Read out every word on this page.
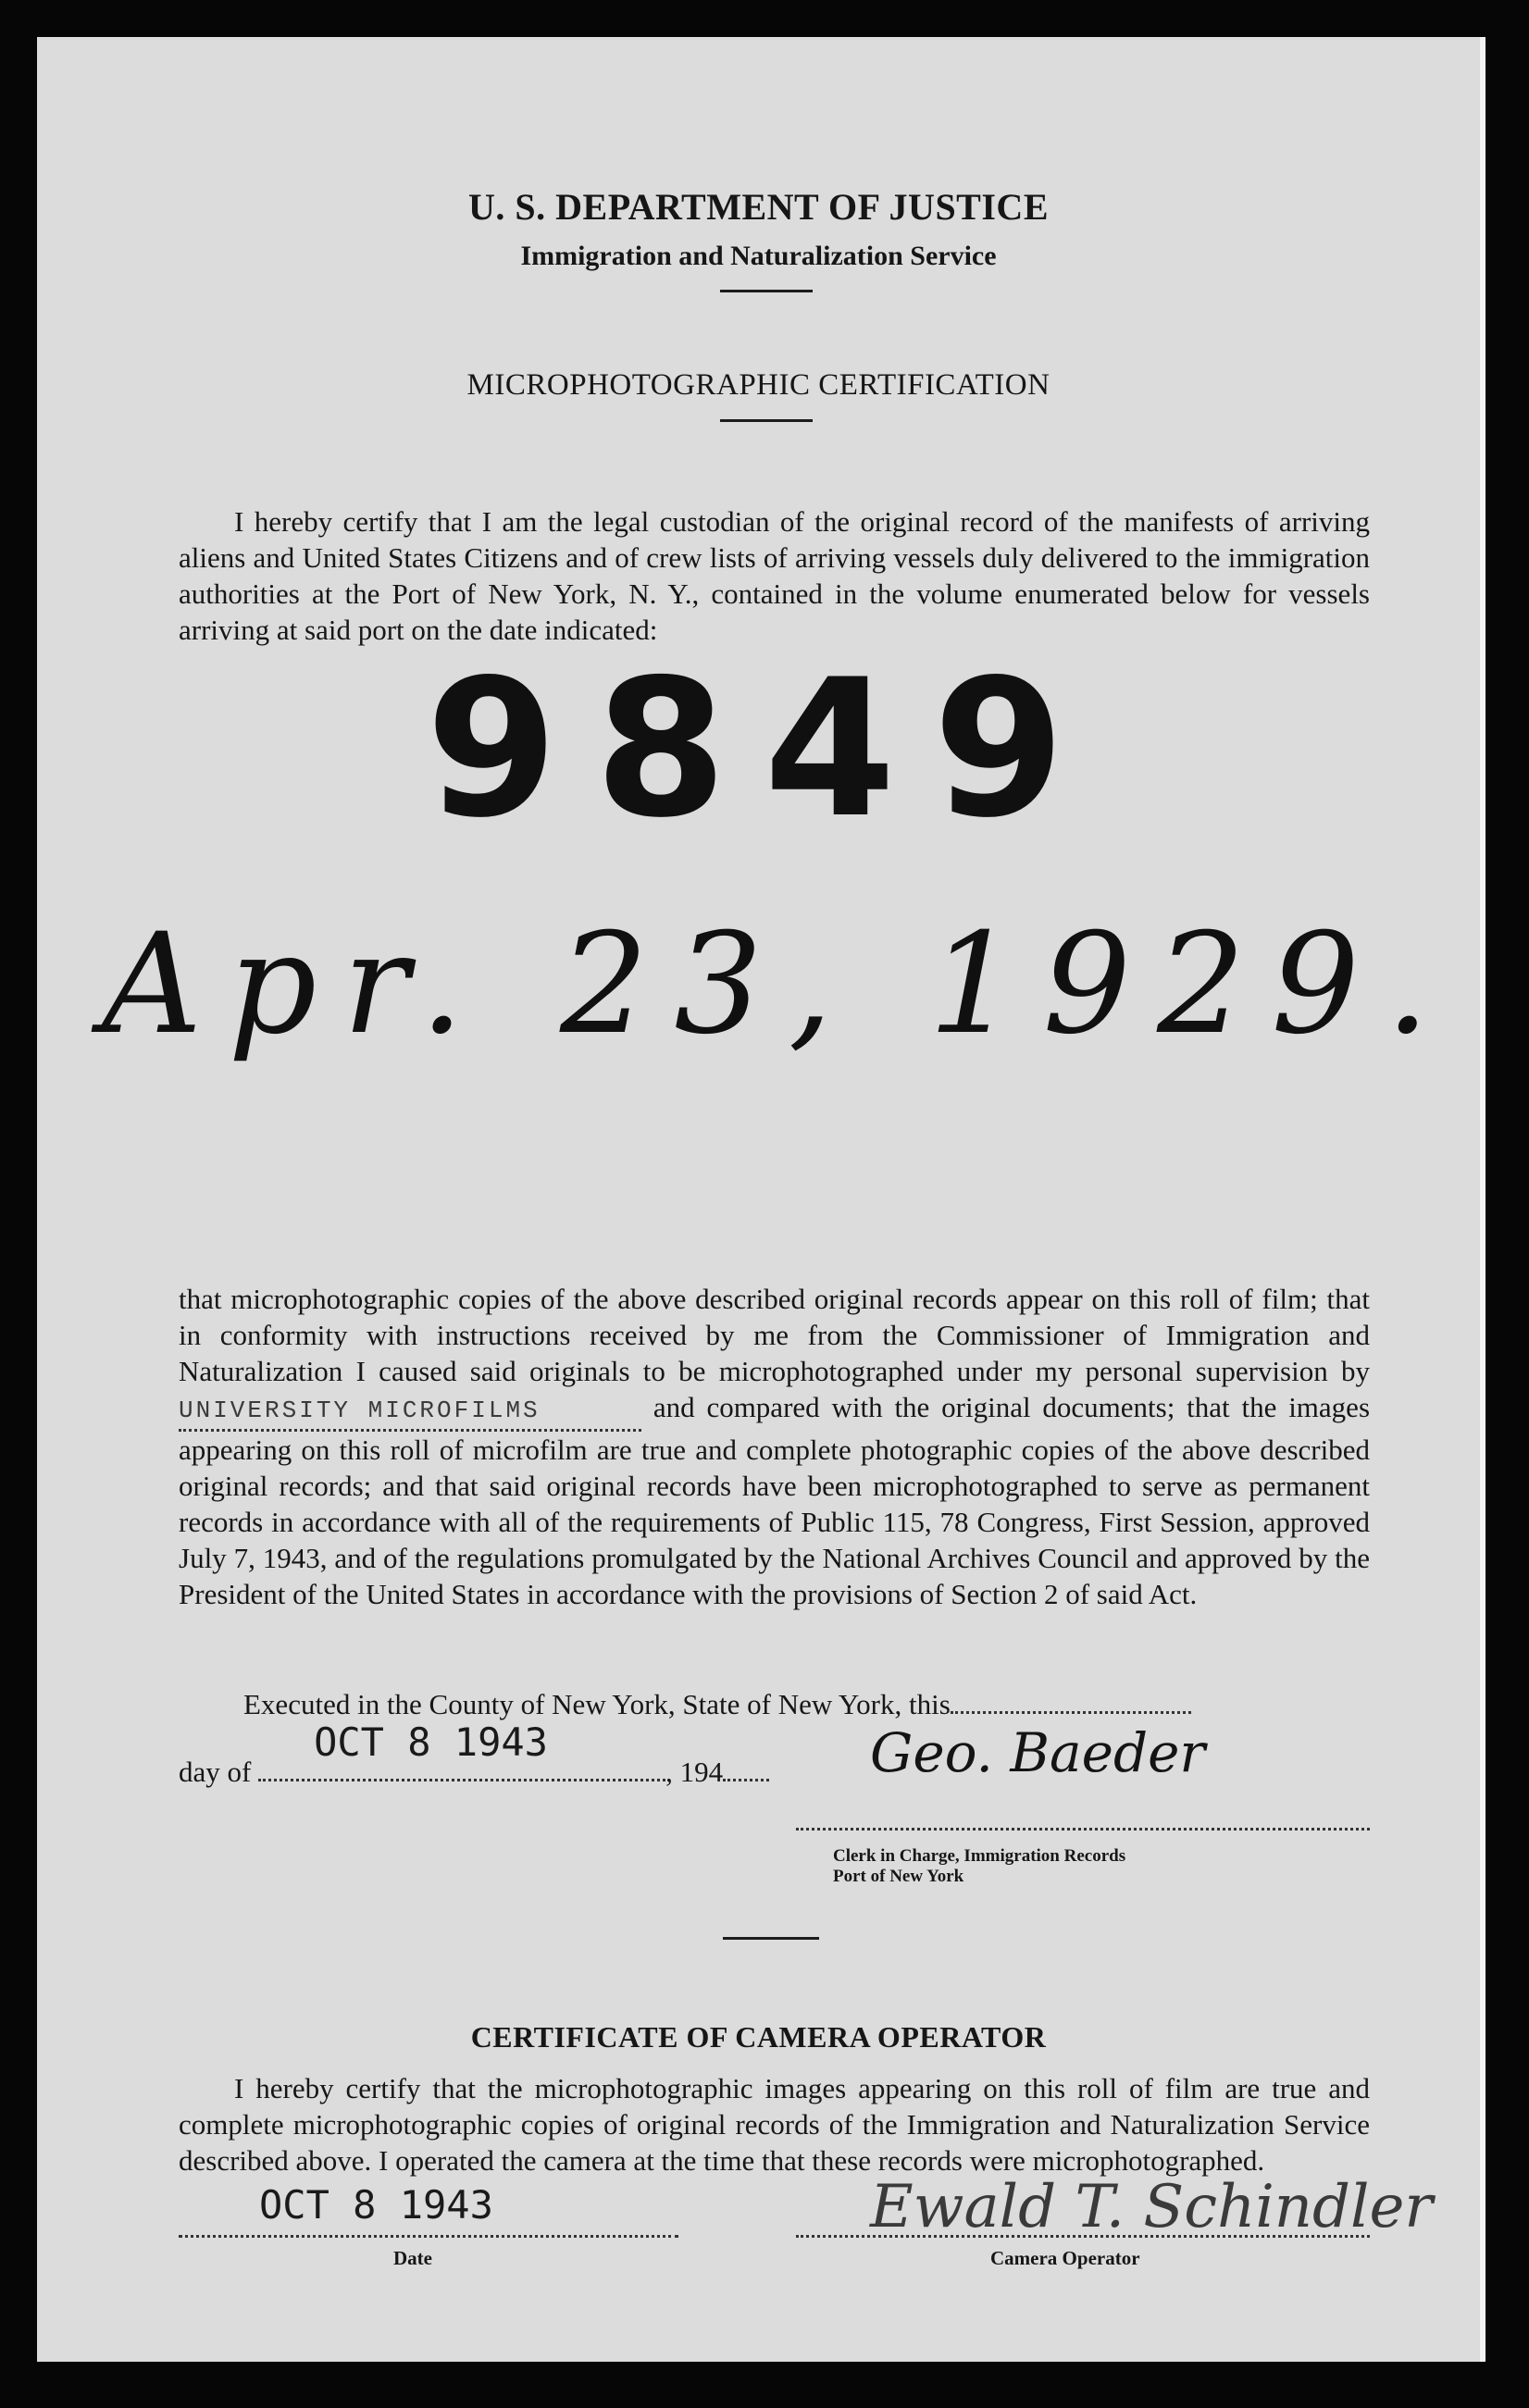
U. S. DEPARTMENT OF JUSTICE
Immigration and Naturalization Service
MICROPHOTOGRAPHIC CERTIFICATION
I hereby certify that I am the legal custodian of the original record of the manifests of arriving aliens and United States Citizens and of crew lists of arriving vessels duly delivered to the immigration authorities at the Port of New York, N. Y., contained in the volume enumerated below for vessels arriving at said port on the date indicated:
9849
Apr. 23, 1929.
that microphotographic copies of the above described original records appear on this roll of film; that in conformity with instructions received by me from the Commissioner of Immigration and Naturalization I caused said originals to be microphotographed under my personal supervision by UNIVERSITY MICROFILMS	and compared with the original documents; that the images appearing on this roll of microfilm are true and complete photographic copies of the above described original records; and that said original records have been microphotographed to serve as permanent records in accordance with all of the requirements of Public 115, 78 Congress, First Session, approved July 7, 1943, and of the regulations promulgated by the National Archives Council and approved by the President of the United States in accordance with the provisions of Section 2 of said Act.
Executed in the County of New York, State of New York, this
day of
OCT 8 1943
, 194	Geo. Baeder
Clerk in Charge, Immigration Records
Port of New York
CERTIFICATE OF CAMERA OPERATOR
I hereby certify that the microphotographic images appearing on this roll of film are true and complete microphotographic copies of original records of the Immigration and Naturalization Service described above. I operated the camera at the time that these records were microphotographed.
OCT 8 1943
Date
Ewald T. Schindler
Camera Operator
